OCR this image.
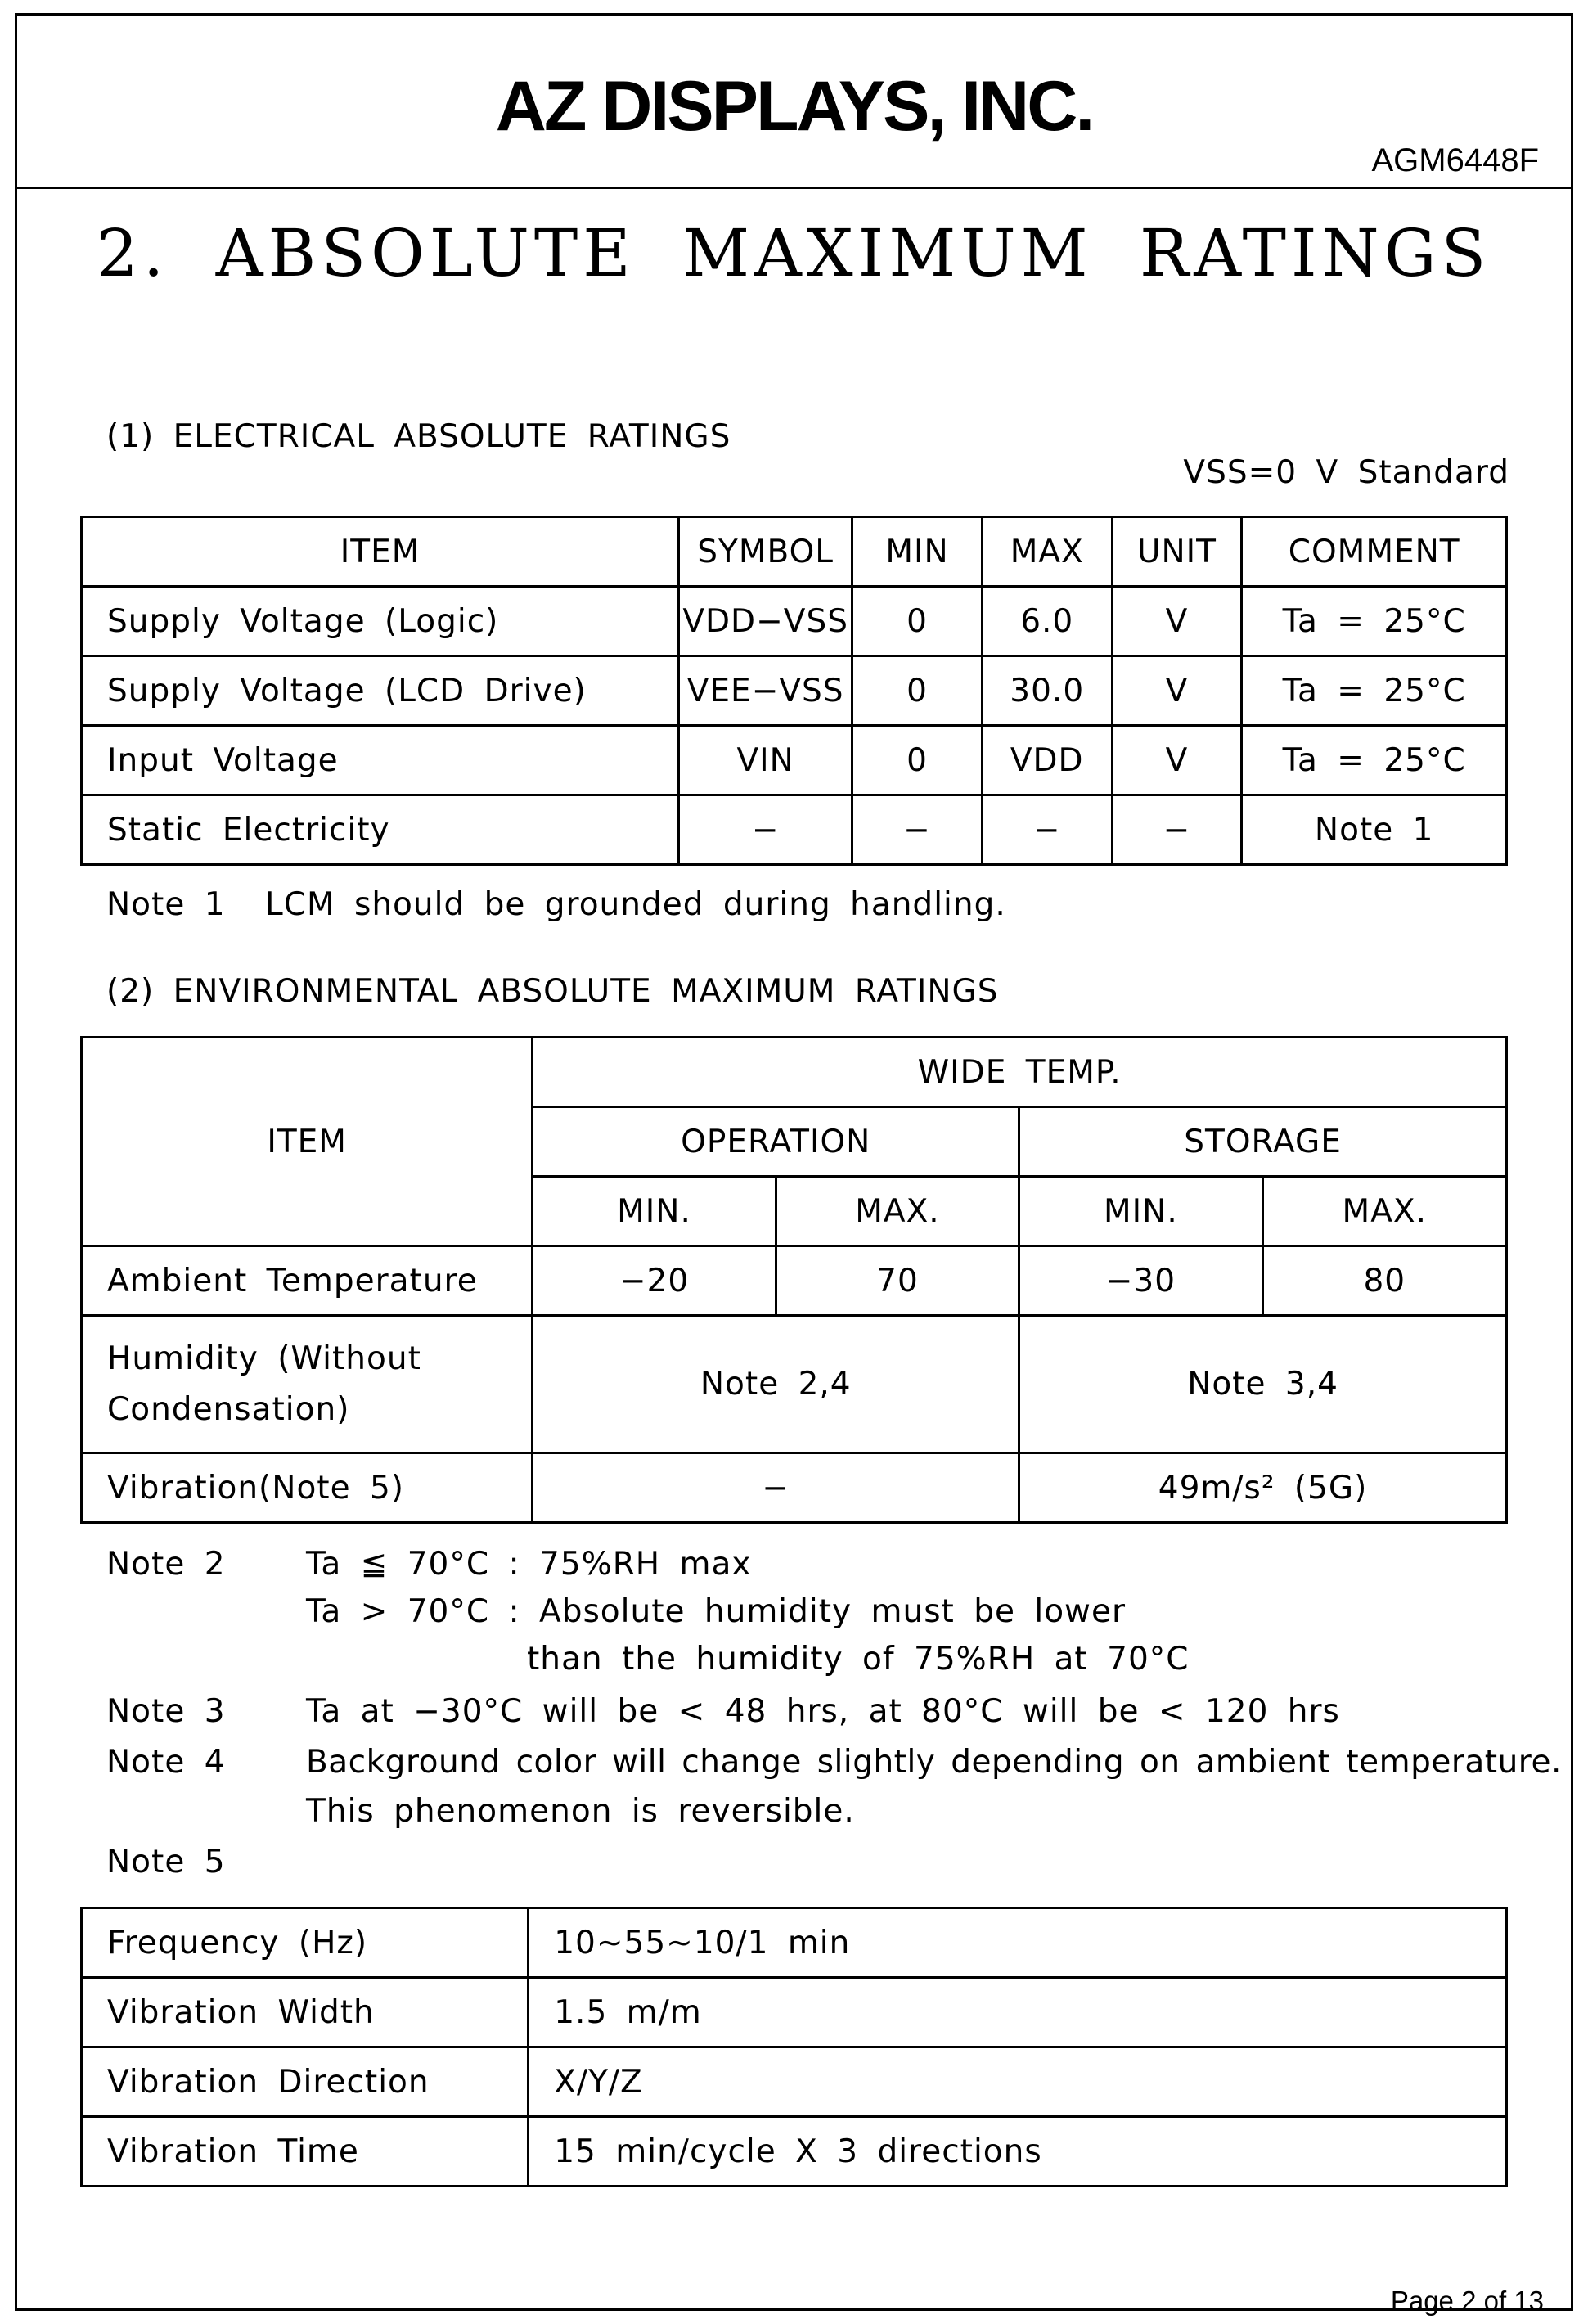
AZ DISPLAYS, INC.
AGM6448F
2. ABSOLUTE MAXIMUM RATINGS
(1) ELECTRICAL ABSOLUTE RATINGS
VSS=0 V Standard
ITEM	SYMBOL	MIN	MAX	UNIT	COMMENT
Supply Voltage (Logic)	VDD−VSS	0	6.0	V	Ta = 25°C
Supply Voltage (LCD Drive)	VEE−VSS	0	30.0	V	Ta = 25°C
Input Voltage	VIN	0	VDD	V	Ta = 25°C
Static Electricity	−	−	−	−	Note 1
Note 1 LCM should be grounded during handling.
(2) ENVIRONMENTAL ABSOLUTE MAXIMUM RATINGS
ITEM	WIDE TEMP.			
	OPERATION		STORAGE	
	MIN.	MAX.	MIN.	MAX.
Ambient Temperature	−20	70	−30	80

Humidity (Without
Condensation)	Note 2,4		Note 3,4	
Vibration(Note 5)	−		49m/s² (5G)	
Note 2	Ta ≦ 70°C : 75%RH max
Ta > 70°C : Absolute humidity must be lower
than the humidity of 75%RH at 70°C
Note 3	Ta at −30°C will be < 48 hrs, at 80°C will be < 120 hrs
Note 4	Background color will change slightly depending on ambient temperature.
This phenomenon is reversible.
Note 5
Frequency (Hz)	10~55~10/1 min
Vibration Width	1.5 m/m
Vibration Direction	X/Y/Z
Vibration Time	15 min/cycle X 3 directions
Page 2 of 13
